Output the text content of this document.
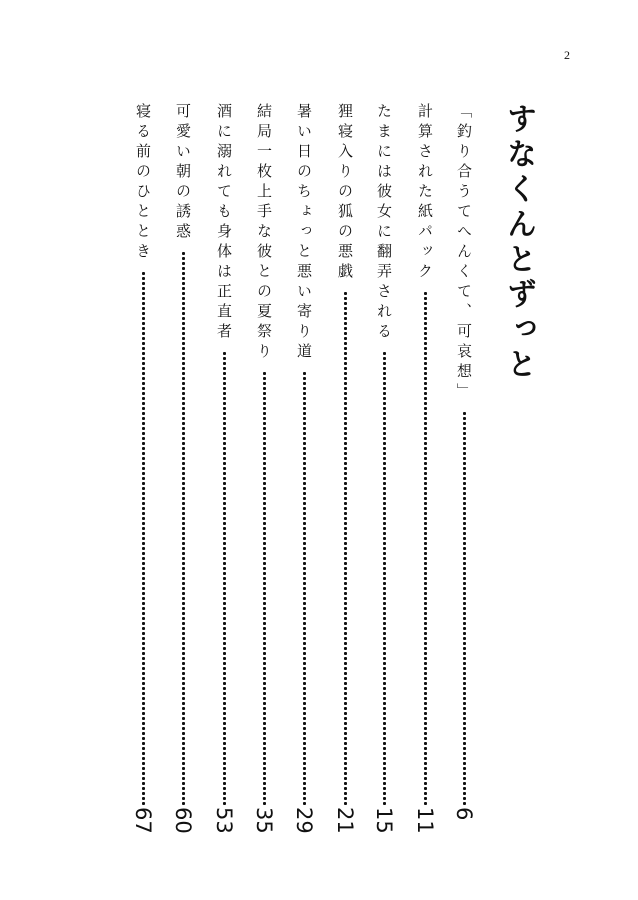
2
すなくんとずっと
「釣り合うてへんくて、可哀想」
6
計算された紙パック
11
たまには彼女に翻弄される
15
狸寝入りの狐の悪戯
21
暑い日のちょっと悪い寄り道
29
結局一枚上手な彼との夏祭り
35
酒に溺れても身体は正直者
53
可愛い朝の誘惑
60
寝る前のひととき
67
